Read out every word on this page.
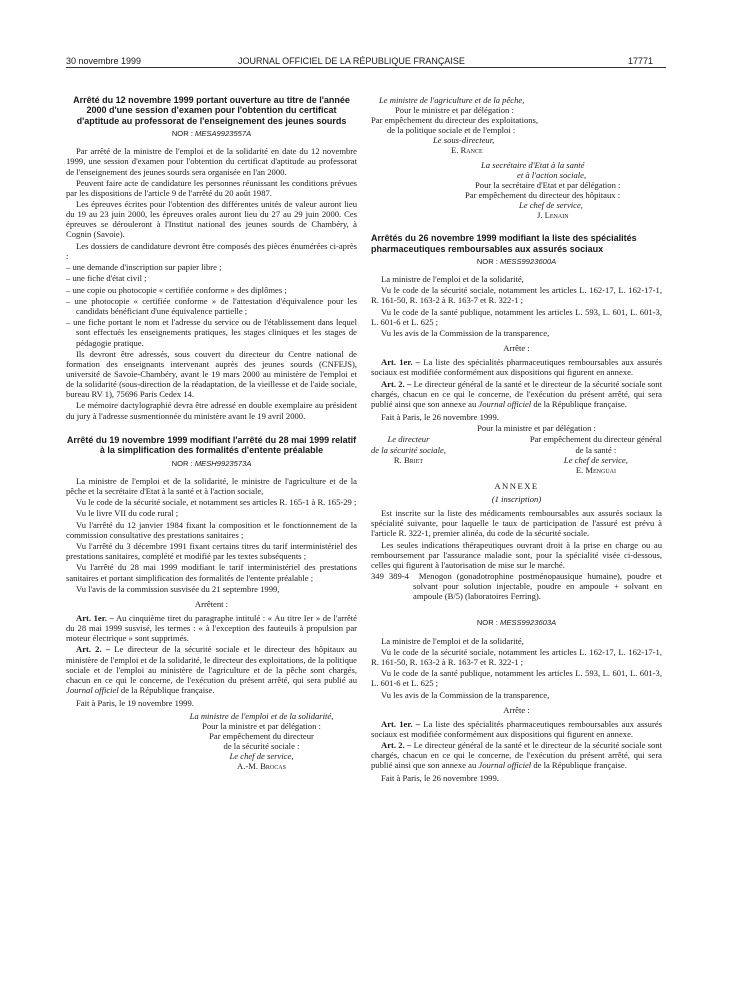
30 novembre 1999	JOURNAL OFFICIEL DE LA RÉPUBLIQUE FRANÇAISE	17771
Arrêté du 12 novembre 1999 portant ouverture au titre de l'année 2000 d'une session d'examen pour l'obtention du certificat d'aptitude au professorat de l'enseignement des jeunes sourds
NOR : MESA9923557A

Par arrêté de la ministre de l'emploi et de la solidarité en date du 12 novembre 1999, une session d'examen pour l'obtention du certificat d'aptitude au professorat de l'enseignement des jeunes sourds sera organisée en l'an 2000.

Peuvent faire acte de candidature les personnes réunissant les conditions prévues par les dispositions de l'article 9 de l'arrêté du 20 août 1987.

Les épreuves écrites pour l'obtention des différentes unités de valeur auront lieu du 19 au 23 juin 2000, les épreuves orales auront lieu du 27 au 29 juin 2000. Ces épreuves se dérouleront à l'Institut national des jeunes sourds de Chambéry, à Cognin (Savoie).

Les dossiers de candidature devront être composés des pièces énumérées ci-après :

– une demande d'inscription sur papier libre ;

– une fiche d'état civil ;

– une copie ou photocopie « certifiée conforme » des diplômes ;

– une photocopie « certifiée conforme » de l'attestation d'équivalence pour les candidats bénéficiant d'une équivalence partielle ;

– une fiche portant le nom et l'adresse du service ou de l'établissement dans lequel sont effectués les enseignements pratiques, les stages cliniques et les stages de pédagogie pratique.

Ils devront être adressés, sous couvert du directeur du Centre national de formation des enseignants intervenant auprès des jeunes sourds (CNFEJS), université de Savoie-Chambéry, avant le 19 mars 2000 au ministère de l'emploi et de la solidarité (sous-direction de la réadaptation, de la vieillesse et de l'aide sociale, bureau RV 1), 75696 Paris Cedex 14.

Le mémoire dactylographié devra être adressé en double exemplaire au président du jury à l'adresse susmentionnée du ministère avant le 19 avril 2000.

Arrêté du 19 novembre 1999 modifiant l'arrêté du 28 mai 1999 relatif à la simplification des formalités d'entente préalable
NOR : MESH9923573A

La ministre de l'emploi et de la solidarité, le ministre de l'agriculture et de la pêche et la secrétaire d'Etat à la santé et à l'action sociale,

Vu le code de la sécurité sociale, et notamment ses articles R. 165-1 à R. 165-29 ;

Vu le livre VII du code rural ;

Vu l'arrêté du 12 janvier 1984 fixant la composition et le fonctionnement de la commission consultative des prestations sanitaires ;

Vu l'arrêté du 3 décembre 1991 fixant certains titres du tarif interministériel des prestations sanitaires, complété et modifié par les textes subséquents ;

Vu l'arrêté du 28 mai 1999 modifiant le tarif interministériel des prestations sanitaires et portant simplification des formalités de l'entente préalable ;

Vu l'avis de la commission susvisée du 21 septembre 1999,

Arrêtent :

Art. 1er. – Au cinquième tiret du paragraphe intitulé : « Au titre Ier » de l'arrêté du 28 mai 1999 susvisé, les termes : « à l'exception des fauteuils à propulsion par moteur électrique » sont supprimés.

Art. 2. – Le directeur de la sécurité sociale et le directeur des hôpitaux au ministère de l'emploi et de la solidarité, le directeur des exploitations, de la politique sociale et de l'emploi au ministère de l'agriculture et de la pêche sont chargés, chacun en ce qui le concerne, de l'exécution du présent arrêté, qui sera publié au Journal officiel de la République française.

Fait à Paris, le 19 novembre 1999.

La ministre de l'emploi et de la solidarité,
Pour la ministre et par délégation :
Par empêchement du directeur
de la sécurité sociale :
Le chef de service,
A.-M. Brocas
Le ministre de l'agriculture et de la pêche,
Pour le ministre et par délégation :
Par empêchement du directeur des exploitations,
de la politique sociale et de l'emploi :
Le sous-directeur,
E. Rance
La secrétaire d'Etat à la santé
et à l'action sociale,
Pour la secrétaire d'Etat et par délégation :
Par empêchement du directeur des hôpitaux :
Le chef de service,
J. Lenain
Arrêtés du 26 novembre 1999 modifiant la liste des spécialités pharmaceutiques remboursables aux assurés sociaux
NOR : MESS9923600A

La ministre de l'emploi et de la solidarité,

Vu le code de la sécurité sociale, notamment les articles L. 162-17, L. 162-17-1, R. 161-50, R. 163-2 à R. 163-7 et R. 322-1 ;

Vu le code de la santé publique, notamment les articles L. 593, L. 601, L. 601-3, L. 601-6 et L. 625 ;

Vu les avis de la Commission de la transparence,

Arrête :

Art. 1er. – La liste des spécialités pharmaceutiques remboursables aux assurés sociaux est modifiée conformément aux dispositions qui figurent en annexe.

Art. 2. – Le directeur général de la santé et le directeur de la sécurité sociale sont chargés, chacun en ce qui le concerne, de l'exécution du présent arrêté, qui sera publié ainsi que son annexe au Journal officiel de la République française.

Fait à Paris, le 26 novembre 1999.

Pour la ministre et par délégation :

Le directeur
de la sécurité sociale,
R. Briet
Par empêchement du directeur général
de la santé :
Le chef de service,
E. Menguai
ANNEXE

(1 inscription)

Est inscrite sur la liste des médicaments remboursables aux assurés sociaux la spécialité suivante, pour laquelle le taux de participation de l'assuré est prévu à l'article R. 322-1, premier alinéa, du code de la sécurité sociale.

Les seules indications thérapeutiques ouvrant droit à la prise en charge ou au remboursement par l'assurance maladie sont, pour la spécialité visée ci-dessous, celles qui figurent à l'autorisation de mise sur le marché.

349 389-4 Menogon (gonadotrophine postménopausique humaine), poudre et solvant pour solution injectable, poudre en ampoule + solvant en ampoule (B/5) (laboratoires Ferring).

NOR : MESS9923603A

La ministre de l'emploi et de la solidarité,

Vu le code de la sécurité sociale, notamment les articles L. 162-17, L. 162-17-1, R. 161-50, R. 163-2 à R. 163-7 et R. 322-1 ;

Vu le code de la santé publique, notamment les articles L. 593, L. 601, L. 601-3, L. 601-6 et L. 625 ;

Vu les avis de la Commission de la transparence,

Arrête :

Art. 1er. – La liste des spécialités pharmaceutiques remboursables aux assurés sociaux est modifiée conformément aux dispositions qui figurent en annexe.

Art. 2. – Le directeur général de la santé et le directeur de la sécurité sociale sont chargés, chacun en ce qui le concerne, de l'exécution du présent arrêté, qui sera publié ainsi que son annexe au Journal officiel de la République française.

Fait à Paris, le 26 novembre 1999.
